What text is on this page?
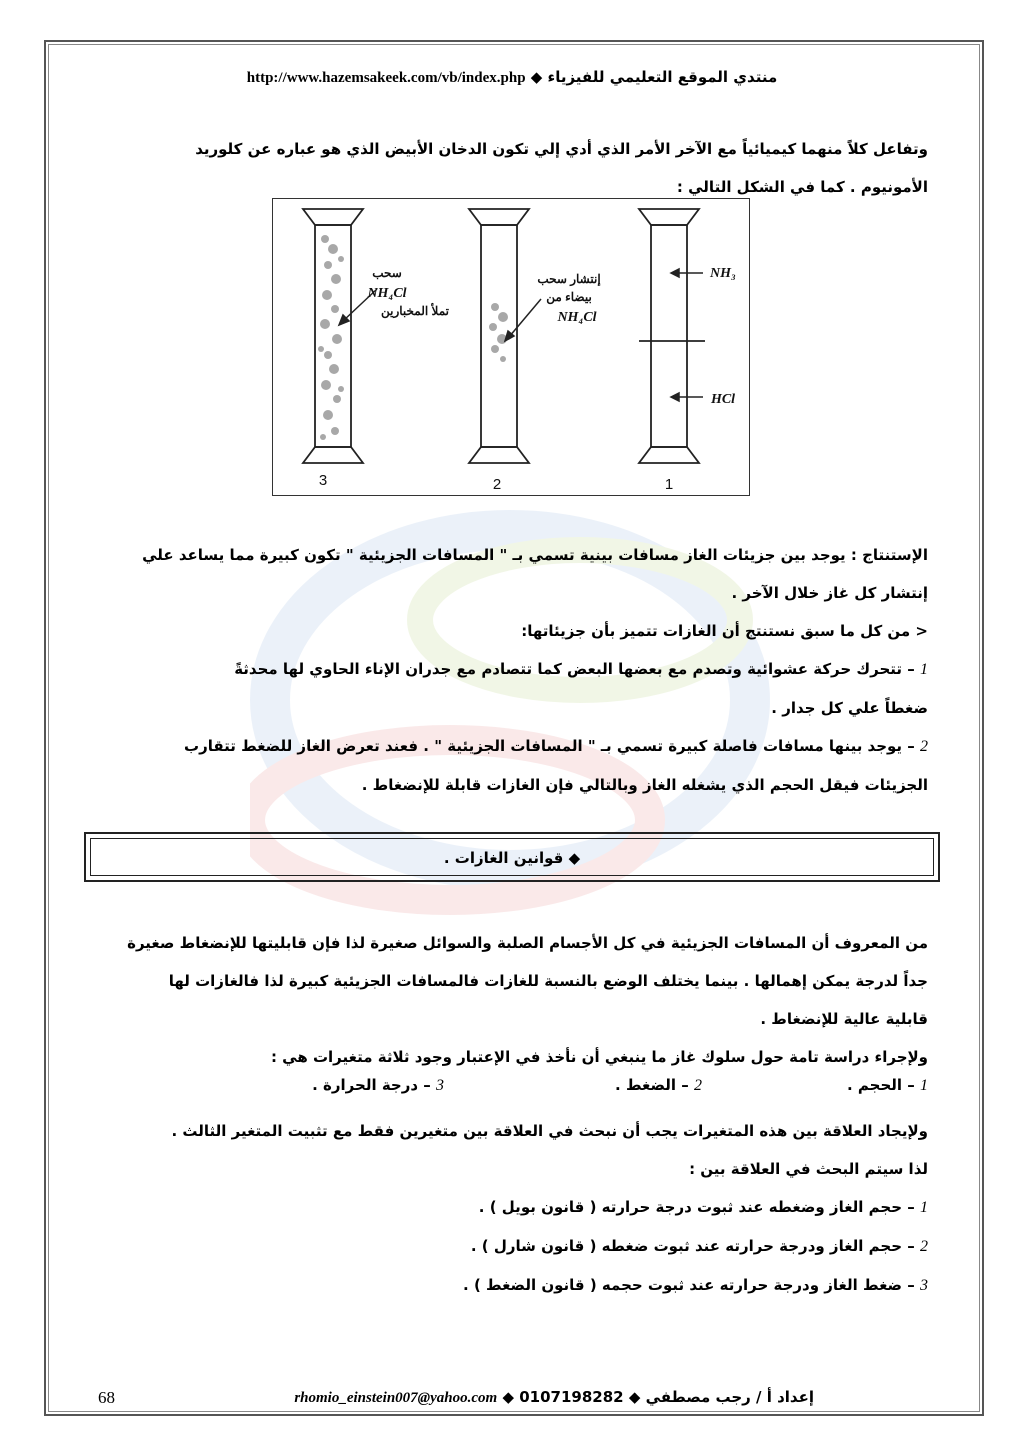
منتدي الموقع التعليمي للفيزياء ◆ http://www.hazemsakeek.com/vb/index.php
وتفاعل كلاً منهما كيميائياً مع الآخر الأمر الذي أدي إلي تكون الدخان الأبيض الذي هو عباره عن كلوريد
الأمونيوم . كما في الشكل التالي :
سحب
NH₄Cl
تملأ المخبارين
إنتشار سحب
بيضاء من
NH₄Cl
NH₃
HCl
3	2	1
الإستنتاج : يوجد بين جزيئات الغاز مسافات بينية تسمي بـ " المسافات الجزيئية " تكون كبيرة مما يساعد علي
إنتشار كل غاز خلال الآخر .
< من كل ما سبق نستنتج أن الغازات تتميز بأن جزيئاتها:
1 – تتحرك حركة عشوائية وتصدم مع بعضها البعض كما تتصادم مع جدران الإناء الحاوي لها محدثةً
ضغطاً علي كل جدار .
2 – يوجد بينها مسافات فاصلة كبيرة تسمي بـ " المسافات الجزيئية " . فعند تعرض الغاز للضغط تتقارب
الجزيئات فيقل الحجم الذي يشغله الغاز وبالتالي فإن الغازات قابلة للإنضغاط .
◆ قوانين الغازات .
من المعروف أن المسافات الجزيئية في كل الأجسام الصلبة والسوائل صغيرة لذا فإن قابليتها للإنضغاط صغيرة
جداً لدرجة يمكن إهمالها . بينما يختلف الوضع بالنسبة للغازات فالمسافات الجزيئية كبيرة لذا فالغازات لها
قابلية عالية للإنضغاط .
ولإجراء دراسة تامة حول سلوك غاز ما ينبغي أن نأخذ في الإعتبار وجود ثلاثة متغيرات هي :
1 – الحجم .
2 – الضغط .
3 – درجة الحرارة .
ولإيجاد العلاقة بين هذه المتغيرات يجب أن نبحث في العلاقة بين متغيرين فقط مع تثبيت المتغير الثالث .
لذا سيتم البحث في العلاقة بين :
1 – حجم الغاز وضغطه عند ثبوت درجة حرارته ( قانون بويل ) .
2 – حجم الغاز ودرجة حرارته عند ثبوت ضغطه ( قانون شارل ) .
3 – ضغط الغاز ودرجة حرارته عند ثبوت حجمه ( قانون الضغط ) .
68	إعداد أ / رجب مصطفي ◆ 0107198282 ◆ rhomio_einstein007@yahoo.com
